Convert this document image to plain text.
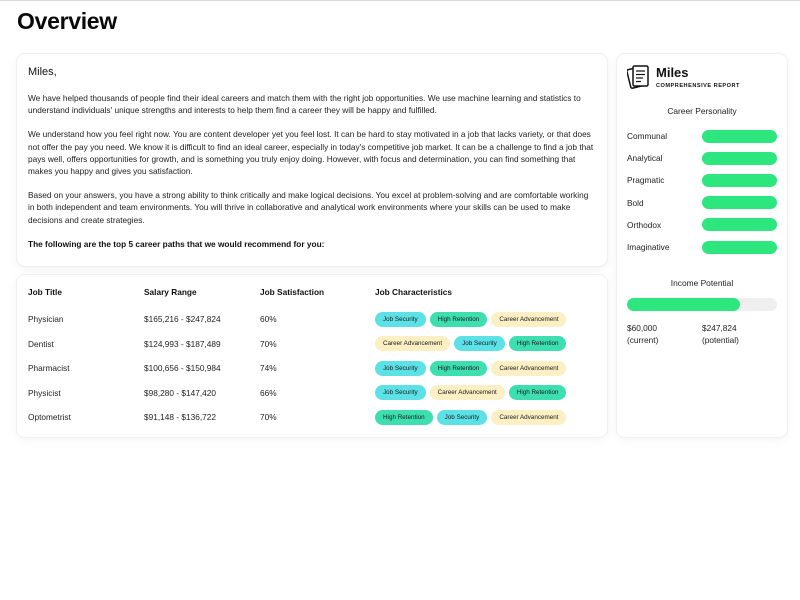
Overview

Miles,

We have helped thousands of people find their ideal careers and match them with the right job opportunities. We use machine learning and statistics to understand individuals' unique strengths and interests to help them find a career they will be happy and fulfilled.

We understand how you feel right now. You are content developer yet you feel lost. It can be hard to stay motivated in a job that lacks variety, or that does not offer the pay you need. We know it is difficult to find an ideal career, especially in today's competitive job market. It can be a challenge to find a job that pays well, offers opportunities for growth, and is something you truly enjoy doing. However, with focus and determination, you can find something that makes you happy and gives you satisfaction.

Based on your answers, you have a strong ability to think critically and make logical decisions. You excel at problem-solving and are comfortable working in both independent and team environments. You will thrive in collaborative and analytical work environments where your skills can be used to make decisions and create strategies.

The following are the top 5 career paths that we would recommend for you:

Job Title	Salary Range	Job Satisfaction	Job Characteristics
Physician	$165,216 - $247,824	60%	Job Security High Retention Career Advancement

Dentist	$124,993 - $187,489	70%	Career Advancement Job Security High Retention

Pharmacist	$100,656 - $150,984	74%	Job Security High Retention Career Advancement

Physicist	$98,280 - $147,420	66%	Job Security Career Advancement High Retention

Optometrist	$91,148 - $136,722	70%	High Retention Job Security Career Advancement
Miles
COMPREHENSIVE REPORT
Career Personality
Communal
Analytical
Pragmatic
Bold
Orthodox
Imaginative
Income Potential
$60,000
(current)
$247,824
(potential)
